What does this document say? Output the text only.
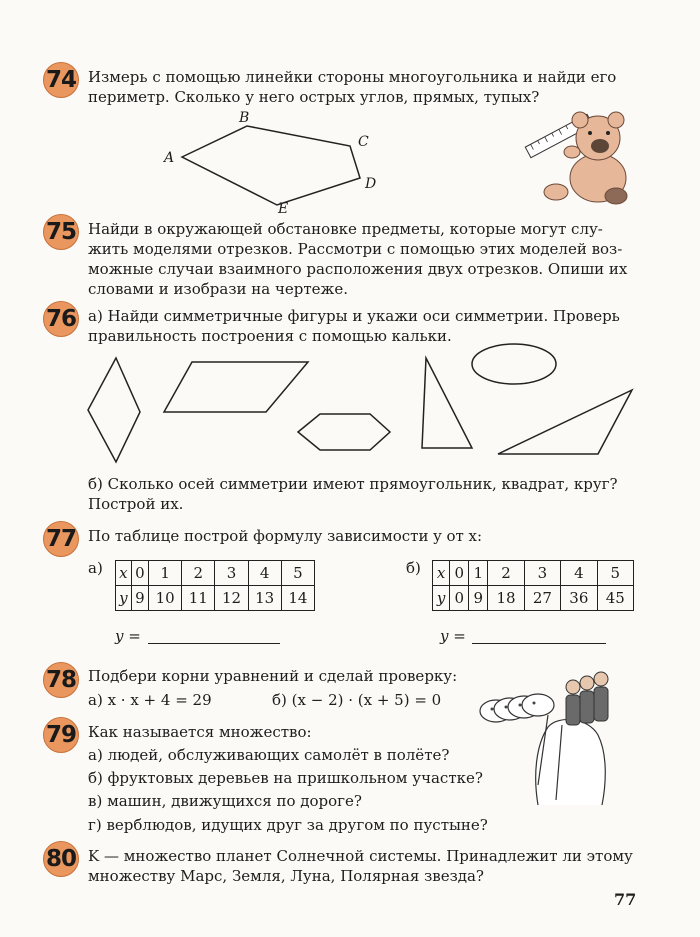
74 Измерь с помощью линейки стороны многоугольника и найди его
периметр. Сколько у него острых углов, прямых, тупых?
A
B
C
D
E
75 Найди в окружающей обстановке предметы, которые могут слу-
жить моделями отрезков. Рассмотри с помощью этих моделей воз-
можные случаи взаимного расположения двух отрезков. Опиши их
словами и изобрази на чертеже.
76 а) Найди симметричные фигуры и укажи оси симметрии. Проверь
правильность построения с помощью кальки.
б) Сколько осей симметрии имеют прямоугольник, квадрат, круг?
Построй их.
77 По таблице построй формулу зависимости y от x:
а) x	0	1	2	3	4	5
y	9	10	11	12	13	14
y =
б) x	0	1	2	3	4	5
y	0	9	18	27	36	45
y =
78 Подбери корни уравнений и сделай проверку:
а) x · x + 4 = 29	б) (x − 2) · (x + 5) = 0
79 Как называется множество:
а) людей, обслуживающих самолёт в полёте?
б) фруктовых деревьев на пришкольном участке?
в) машин, движущихся по дороге?
г) верблюдов, идущих друг за другом по пустыне?
80 K — множество планет Солнечной системы. Принадлежит ли этому
множеству Марс, Земля, Луна, Полярная звезда?
77
